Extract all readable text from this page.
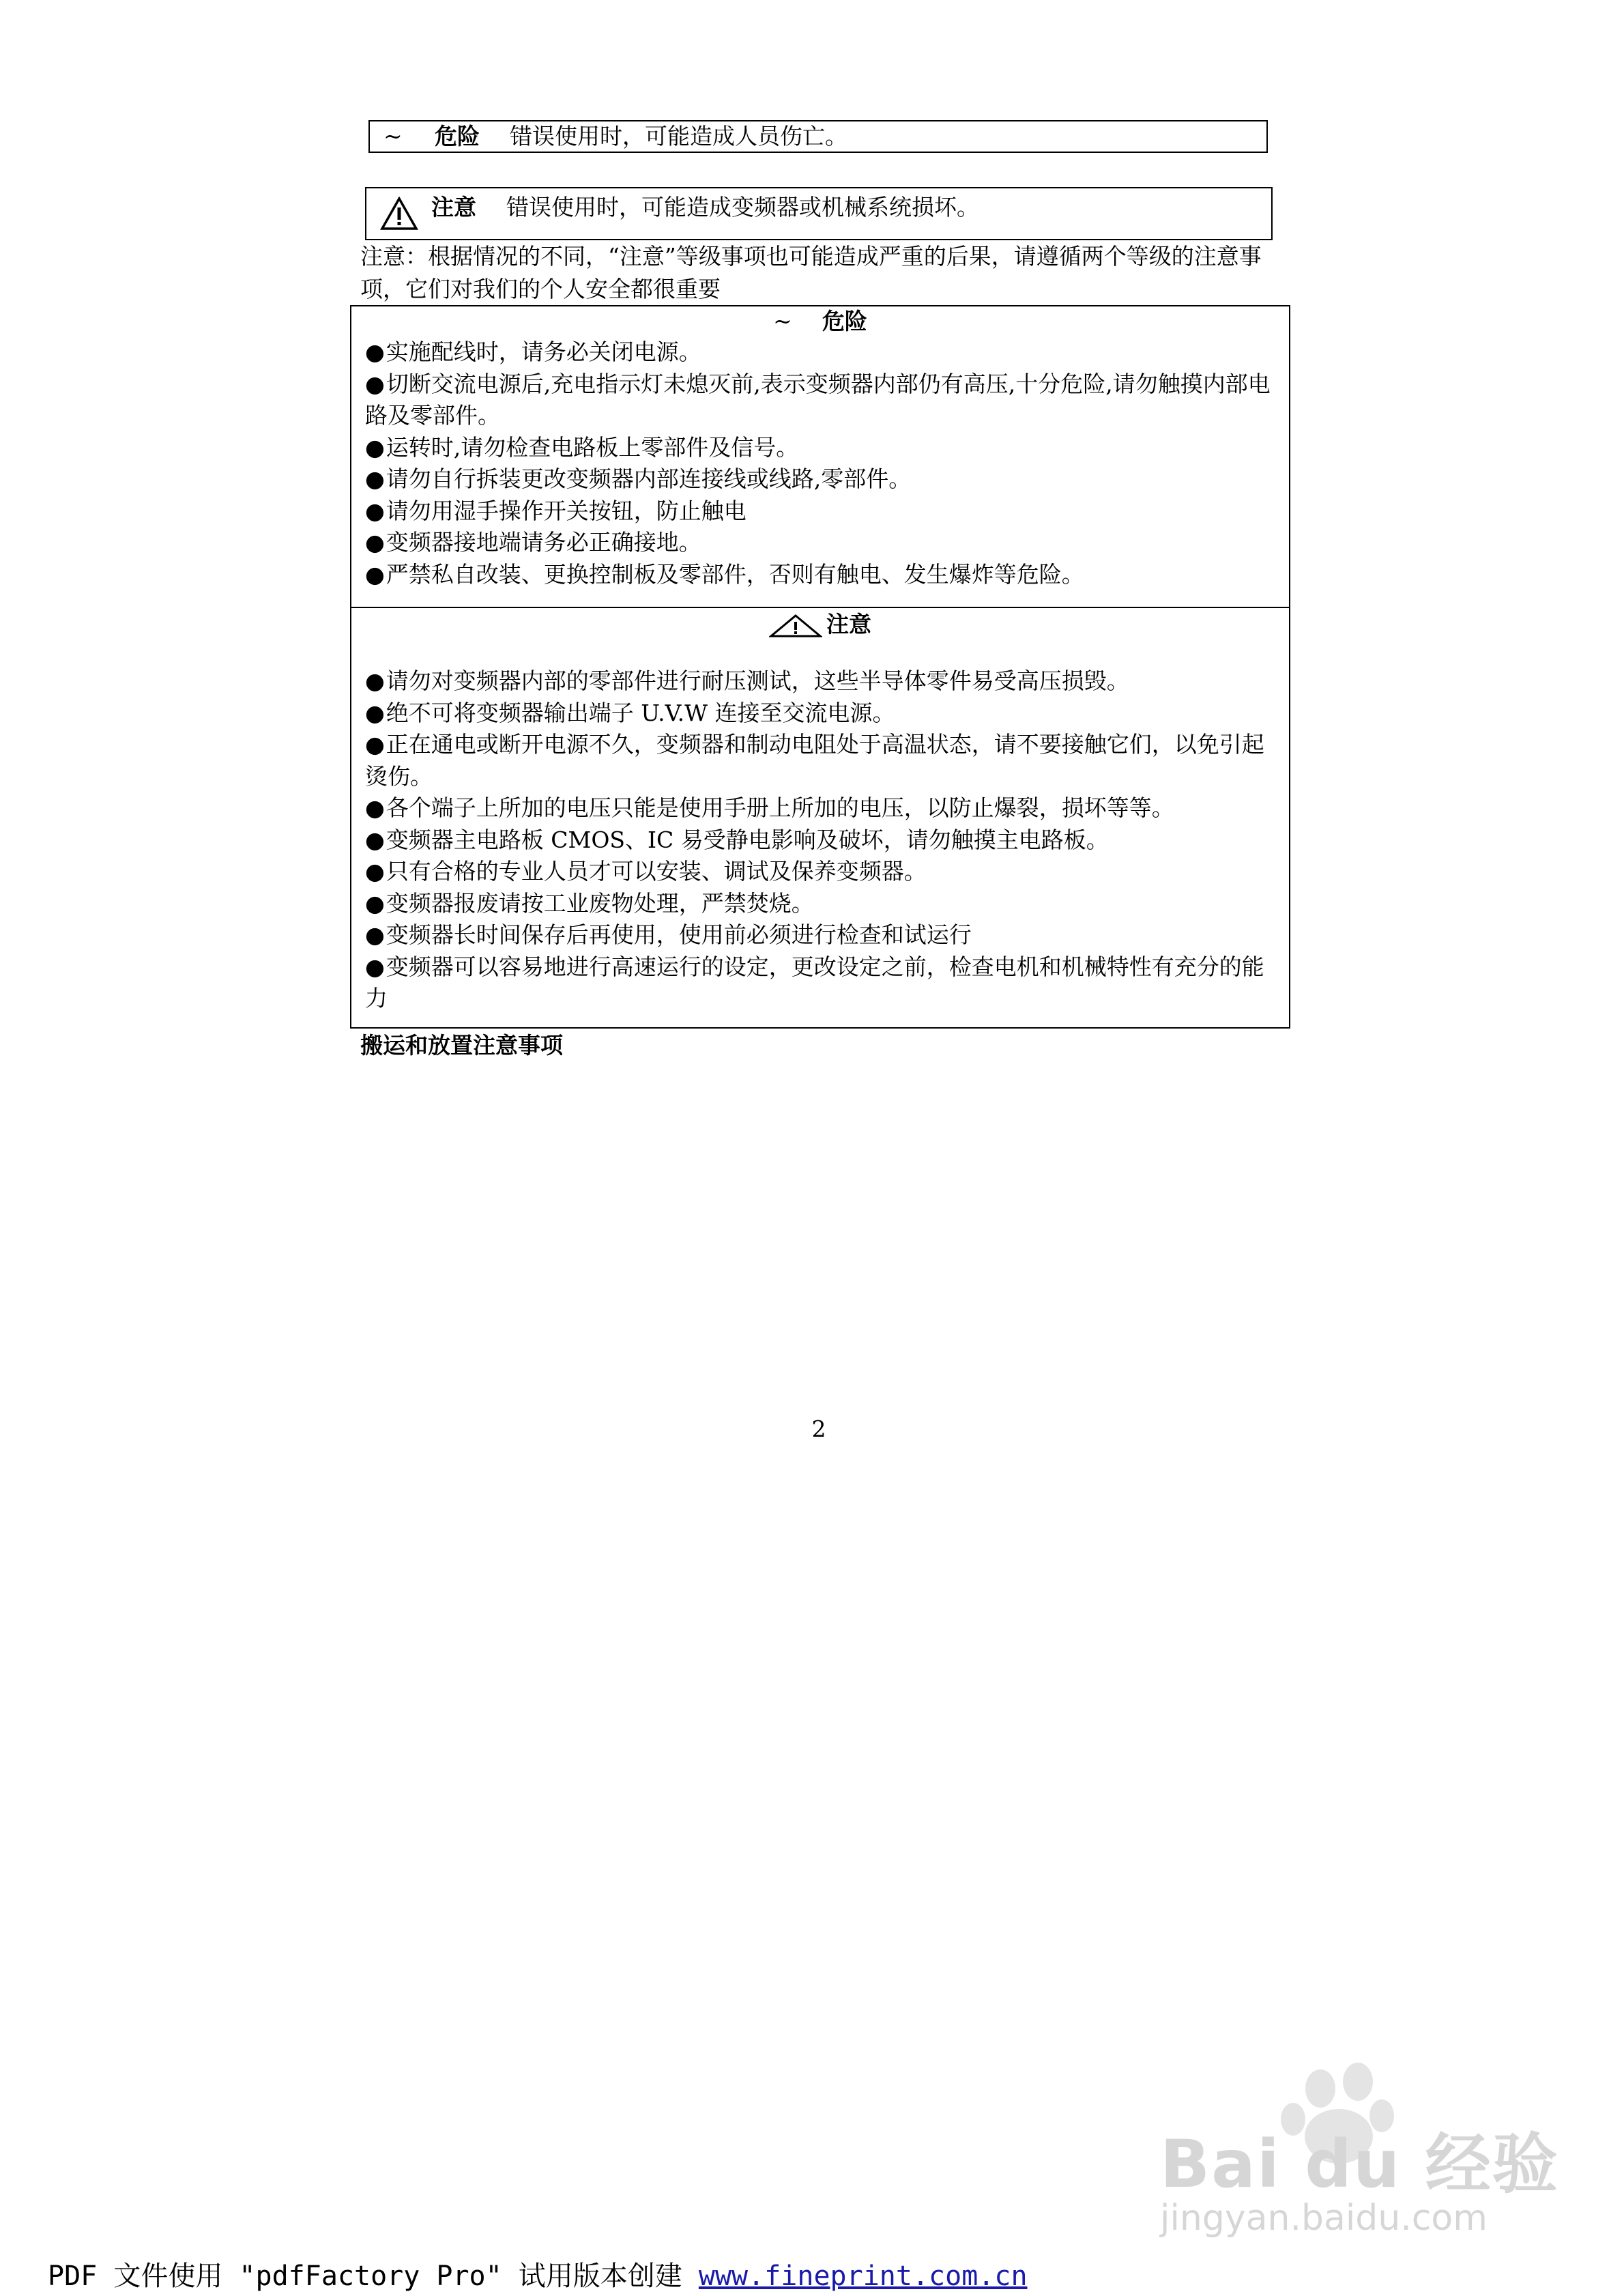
~ 危险 错误使用时，可能造成人员伤亡。
注意 错误使用时，可能造成变频器或机械系统损坏。
注意：根据情况的不同，“注意”等级事项也可能造成严重的后果，请遵循两个等级的注意事项，它们对我们的个人安全都很重要
~ 危险

● 实施配线时，请务必关闭电源。

● 切断交流电源后,充电指示灯未熄灭前,表示变频器内部仍有高压,十分危险,请勿触摸内部电路及零部件。

● 运转时,请勿检查电路板上零部件及信号。

● 请勿自行拆装更改变频器内部连接线或线路,零部件。

● 请勿用湿手操作开关按钮，防止触电

● 变频器接地端请务必正确接地。

● 严禁私自改装、更换控制板及零部件，否则有触电、发生爆炸等危险。

注意

● 请勿对变频器内部的零部件进行耐压测试，这些半导体零件易受高压损毁。

● 绝不可将变频器输出端子 U.V.W 连接至交流电源。

● 正在通电或断开电源不久，变频器和制动电阻处于高温状态，请不要接触它们，以免引起烫伤。

● 各个端子上所加的电压只能是使用手册上所加的电压，以防止爆裂，损坏等等。

● 变频器主电路板 CMOS、IC 易受静电影响及破坏，请勿触摸主电路板。

● 只有合格的专业人员才可以安装、调试及保养变频器。

● 变频器报废请按工业废物处理，严禁焚烧。

● 变频器长时间保存后再使用，使用前必须进行检查和试运行

● 变频器可以容易地进行高速运行的设定，更改设定之前，检查电机和机械特性有充分的能力

搬运和放置注意事项
2
Bai du 经验
jingyan.baidu.com
PDF 文件使用 "pdfFactory Pro" 试用版本创建 www.fineprint.com.cn
